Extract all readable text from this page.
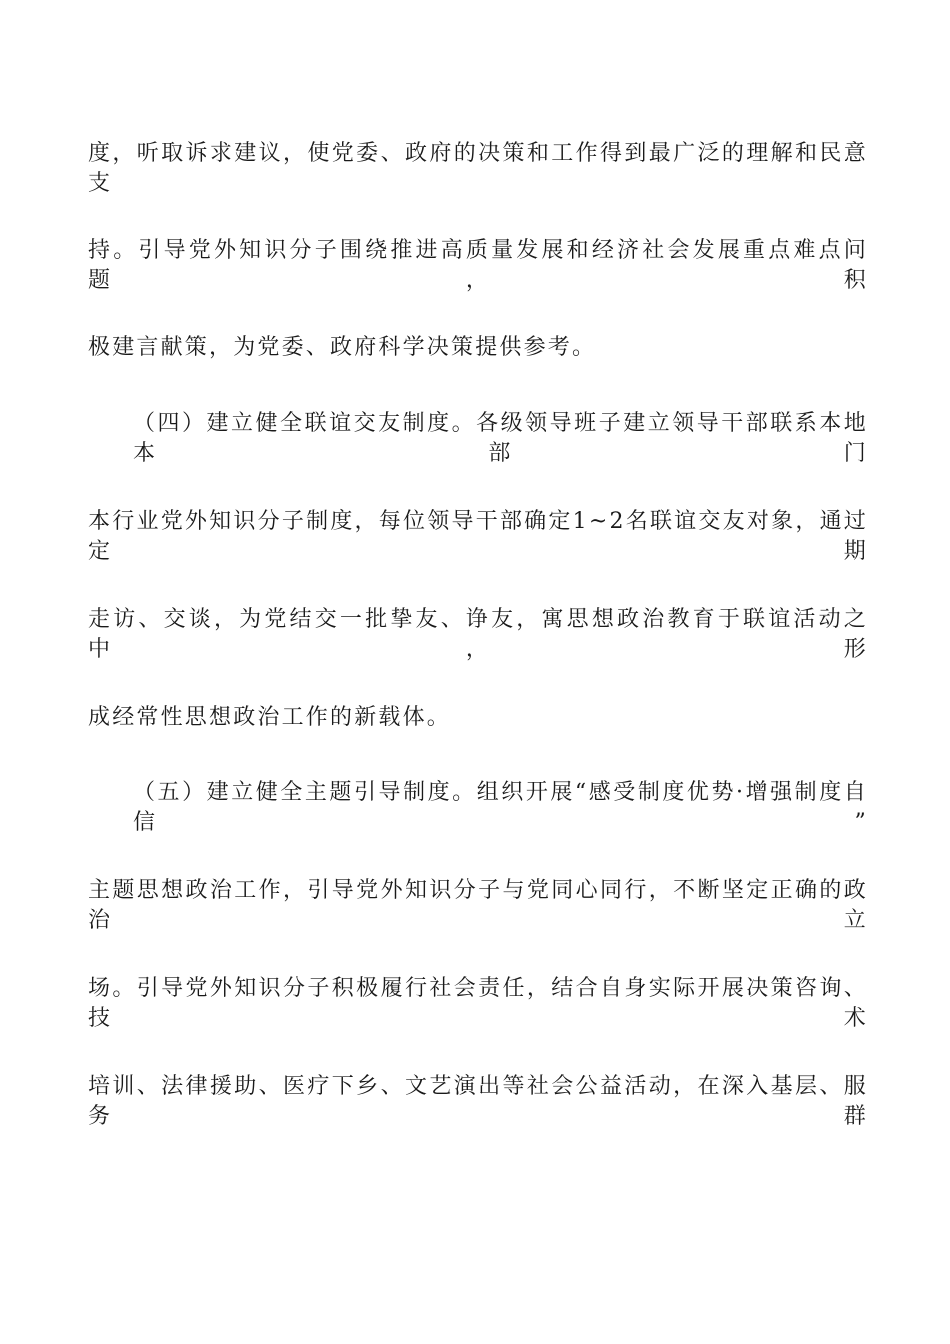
度，听取诉求建议，使党委、政府的决策和工作得到最广泛的理解和民意支
持。引导党外知识分子围绕推进高质量发展和经济社会发展重点难点问题，积
极建言献策，为党委、政府科学决策提供参考。
（四）建立健全联谊交友制度。各级领导班子建立领导干部联系本地本部门
本行业党外知识分子制度，每位领导干部确定1~2名联谊交友对象，通过定期
走访、交谈，为党结交一批挚友、诤友，寓思想政治教育于联谊活动之中，形
成经常性思想政治工作的新载体。
（五）建立健全主题引导制度。组织开展“感受制度优势·增强制度自信”
主题思想政治工作，引导党外知识分子与党同心同行，不断坚定正确的政治立
场。引导党外知识分子积极履行社会责任，结合自身实际开展决策咨询、技术
培训、法律援助、医疗下乡、文艺演出等社会公益活动，在深入基层、服务群
